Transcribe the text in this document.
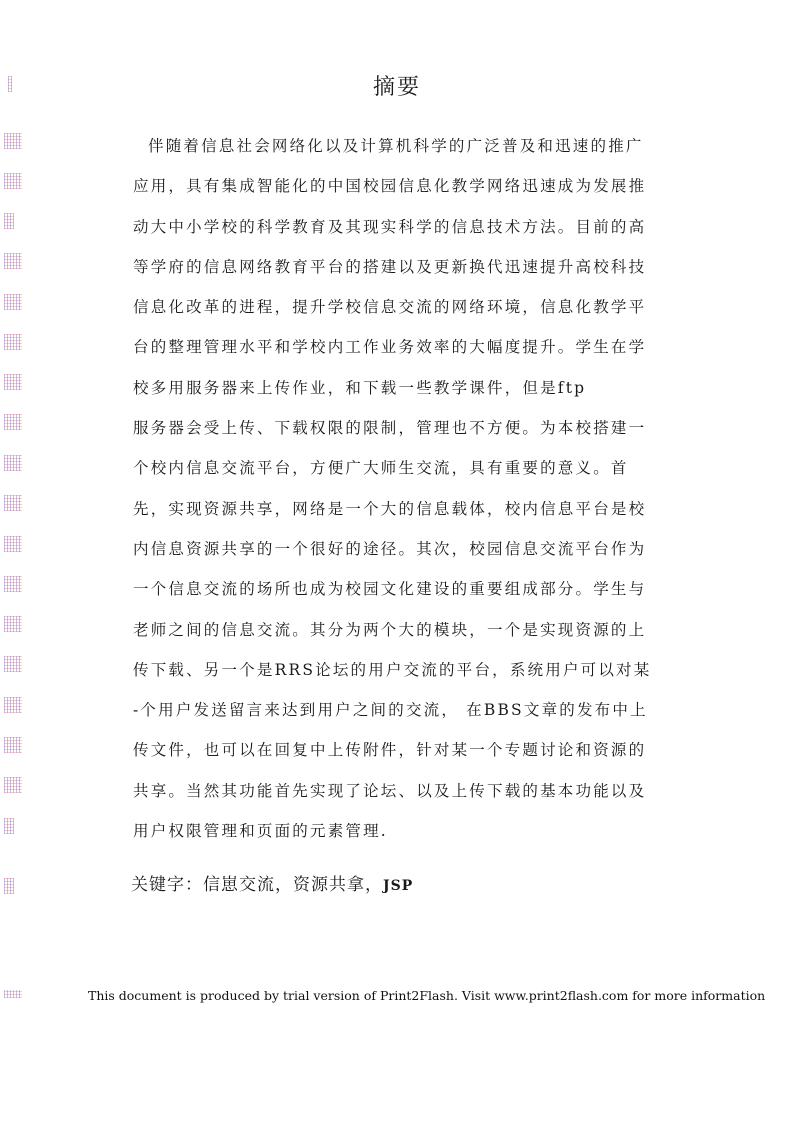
摘要
伴随着信息社会网络化以及计算机科学的广泛普及和迅速的推广
应用，具有集成智能化的中国校园信息化教学网络迅速成为发展推
动大中小学校的科学教育及其现实科学的信息技术方法。目前的高
等学府的信息网络教育平台的搭建以及更新换代迅速提升高校科技
信息化改革的进程，提升学校信息交流的网络环境，信息化教学平
台的整理管理水平和学校内工作业务效率的大幅度提升。学生在学
校多用服务器来上传作业，和下载一些教学课件，但是ftp
服务器会受上传、下载权限的限制，管理也不方便。为本校搭建一
个校内信息交流平台，方便广大师生交流，具有重要的意义。首
先，实现资源共享，网络是一个大的信息载体，校内信息平台是校
内信息资源共享的一个很好的途径。其次，校园信息交流平台作为
一个信息交流的场所也成为校园文化建设的重要组成部分。学生与
老师之间的信息交流。其分为两个大的模块，一个是实现资源的上
传下载、另一个是RRS论坛的用户交流的平台，系统用户可以对某
-个用户发送留言来达到用户之间的交流， 在BBS文章的发布中上
传文件，也可以在回复中上传附件，针对某一个专题讨论和资源的
共享。当然其功能首先实现了论坛、以及上传下载的基本功能以及
用户权限管理和页面的元素管理.
关键字：信崽交流，资源共拿，JSP
This document is produced by trial version of Print2Flash. Visit www.print2flash.com for more information
